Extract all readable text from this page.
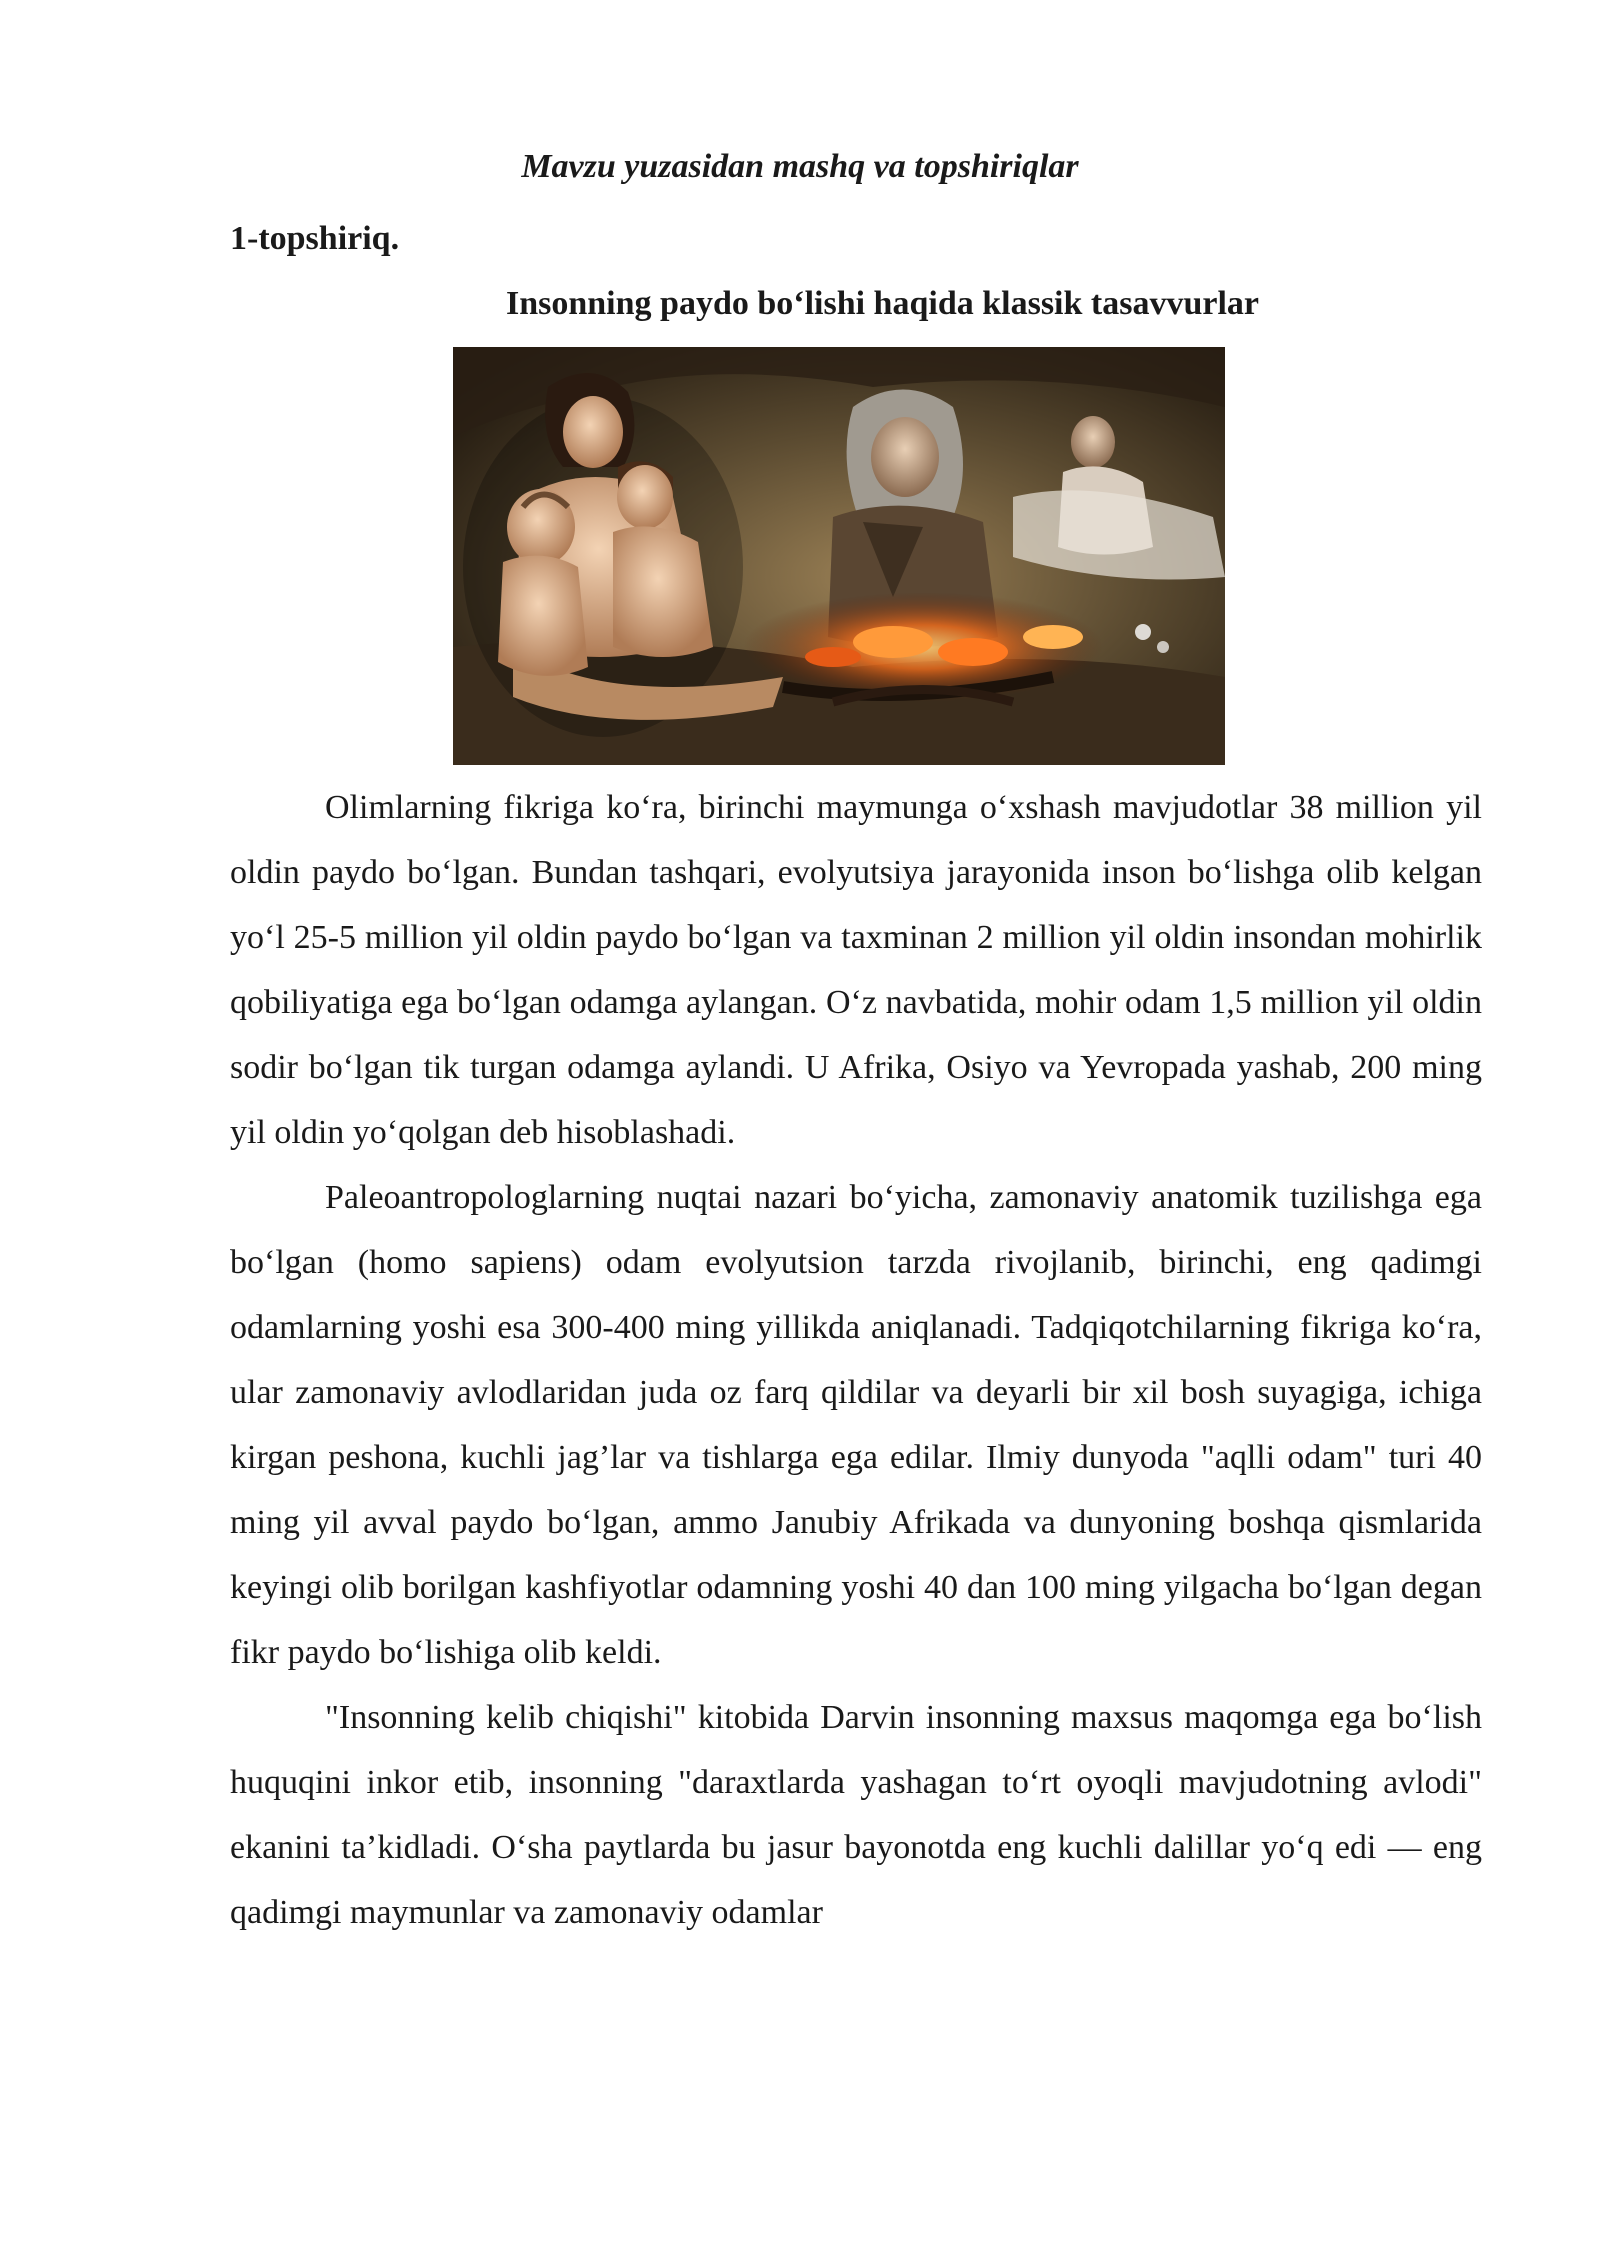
Mavzu yuzasidan mashq va topshiriqlar
1-topshiriq.
Insonning paydo bo‘lishi haqida klassik tasavvurlar

Olimlarning fikriga ko‘ra, birinchi maymunga o‘xshash mavjudotlar 38 million yil oldin paydo bo‘lgan. Bundan tashqari, evolyutsiya jarayonida inson bo‘lishga olib kelgan yo‘l 25-5 million yil oldin paydo bo‘lgan va taxminan 2 million yil oldin insondan mohirlik qobiliyatiga ega bo‘lgan odamga aylangan. O‘z navbatida, mohir odam 1,5 million yil oldin sodir bo‘lgan tik turgan odamga aylandi. U Afrika, Osiyo va Yevropada yashab, 200 ming yil oldin yo‘qolgan deb hisoblashadi.

Paleoantropologlarning nuqtai nazari bo‘yicha, zamonaviy anatomik tuzilishga ega bo‘lgan (homo sapiens) odam evolyutsion tarzda rivojlanib, birinchi, eng qadimgi odamlarning yoshi esa 300-400 ming yillikda aniqlanadi. Tadqiqotchilarning fikriga ko‘ra, ular zamonaviy avlodlaridan juda oz farq qildilar va deyarli bir xil bosh suyagiga, ichiga kirgan peshona, kuchli jag’lar va tishlarga ega edilar. Ilmiy dunyoda "aqlli odam" turi 40 ming yil avval paydo bo‘lgan, ammo Janubiy Afrikada va dunyoning boshqa qismlarida keyingi olib borilgan kashfiyotlar odamning yoshi 40 dan 100 ming yilgacha bo‘lgan degan fikr paydo bo‘lishiga olib keldi.

"Insonning kelib chiqishi" kitobida Darvin insonning maxsus maqomga ega bo‘lish huquqini inkor etib, insonning "daraxtlarda yashagan to‘rt oyoqli mavjudotning avlodi" ekanini ta’kidladi. O‘sha paytlarda bu jasur bayonotda eng kuchli dalillar yo‘q edi — eng qadimgi maymunlar va zamonaviy odamlar
